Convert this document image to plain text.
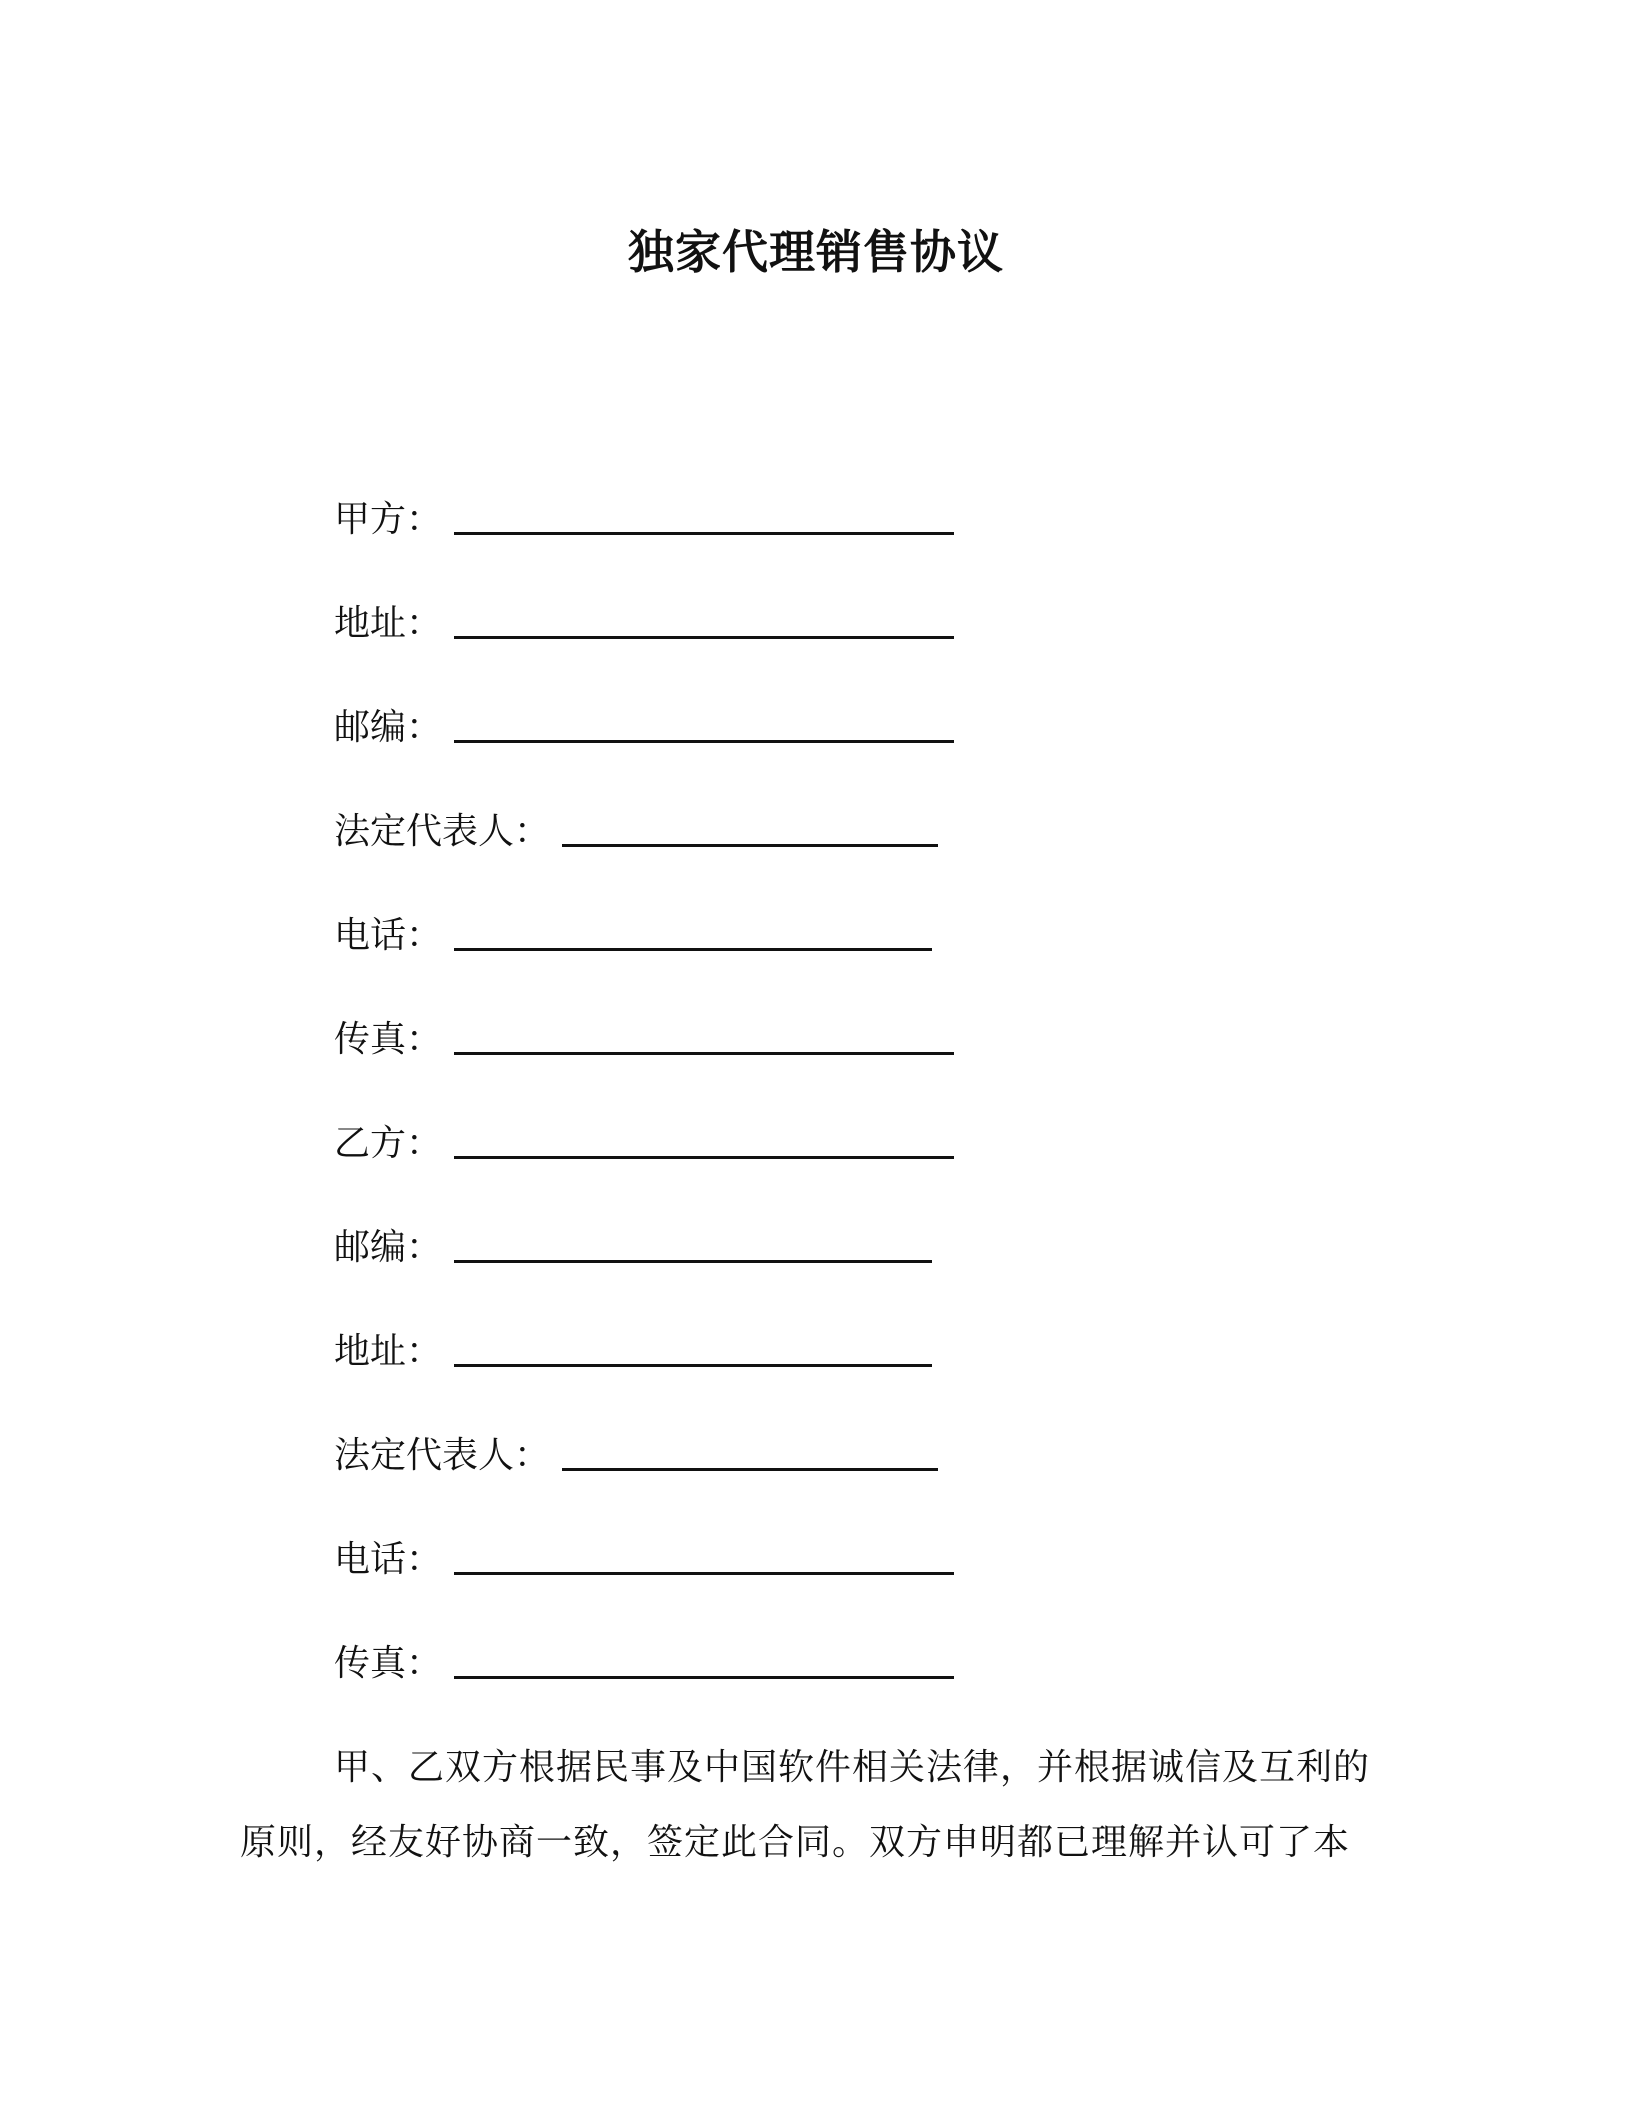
独家代理销售协议
甲方：
地址：
邮编：
法定代表人：
电话：
传真：
乙方：
邮编：
地址：
法定代表人：
电话：
传真：

甲、乙双方根据民事及中国软件相关法律，并根据诚信及互利的原则，经友好协商一致，签定此合同。双方申明都已理解并认可了本
